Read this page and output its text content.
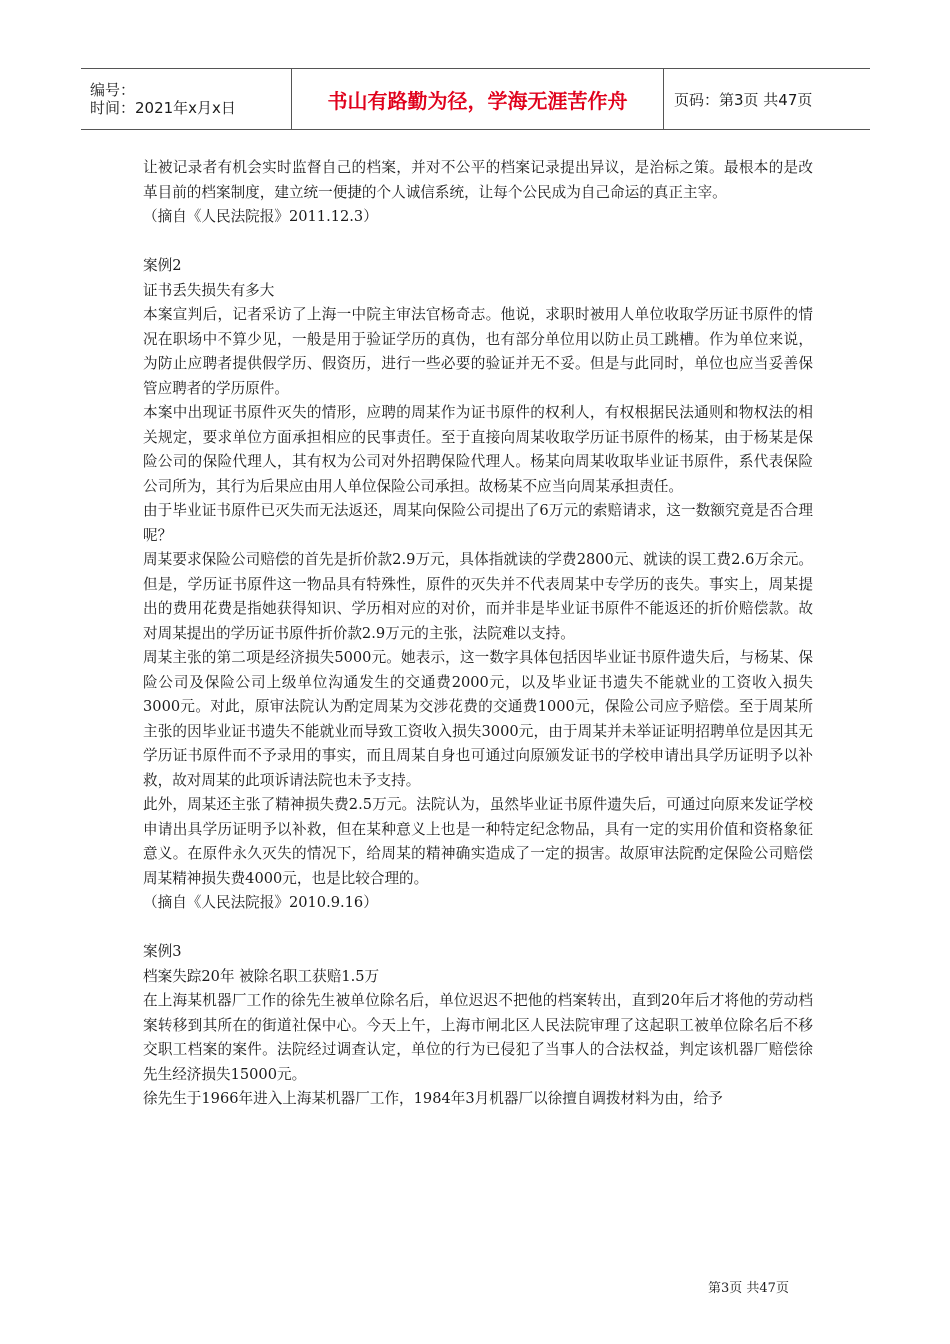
编号：
时间：2021年x月x日	书山有路勤为径，学海无涯苦作舟	页码：第3页 共47页

让被记录者有机会实时监督自己的档案，并对不公平的档案记录提出异议，是治标之策。最根本的是改革目前的档案制度，建立统一便捷的个人诚信系统，让每个公民成为自己命运的真正主宰。

（摘自《人民法院报》2011.12.3）

案例2

证书丢失损失有多大

本案宣判后，记者采访了上海一中院主审法官杨奇志。他说，求职时被用人单位收取学历证书原件的情况在职场中不算少见，一般是用于验证学历的真伪，也有部分单位用以防止员工跳槽。作为单位来说，为防止应聘者提供假学历、假资历，进行一些必要的验证并无不妥。但是与此同时，单位也应当妥善保管应聘者的学历原件。

本案中出现证书原件灭失的情形，应聘的周某作为证书原件的权利人，有权根据民法通则和物权法的相关规定，要求单位方面承担相应的民事责任。至于直接向周某收取学历证书原件的杨某，由于杨某是保险公司的保险代理人，其有权为公司对外招聘保险代理人。杨某向周某收取毕业证书原件，系代表保险公司所为，其行为后果应由用人单位保险公司承担。故杨某不应当向周某承担责任。

由于毕业证书原件已灭失而无法返还，周某向保险公司提出了6万元的索赔请求，这一数额究竟是否合理呢？

周某要求保险公司赔偿的首先是折价款2.9万元，具体指就读的学费2800元、就读的误工费2.6万余元。但是，学历证书原件这一物品具有特殊性，原件的灭失并不代表周某中专学历的丧失。事实上，周某提出的费用花费是指她获得知识、学历相对应的对价，而并非是毕业证书原件不能返还的折价赔偿款。故对周某提出的学历证书原件折价款2.9万元的主张，法院难以支持。

周某主张的第二项是经济损失5000元。她表示，这一数字具体包括因毕业证书原件遗失后，与杨某、保险公司及保险公司上级单位沟通发生的交通费2000元，以及毕业证书遗失不能就业的工资收入损失3000元。对此，原审法院认为酌定周某为交涉花费的交通费1000元，保险公司应予赔偿。至于周某所主张的因毕业证书遗失不能就业而导致工资收入损失3000元，由于周某并未举证证明招聘单位是因其无学历证书原件而不予录用的事实，而且周某自身也可通过向原颁发证书的学校申请出具学历证明予以补救，故对周某的此项诉请法院也未予支持。

此外，周某还主张了精神损失费2.5万元。法院认为，虽然毕业证书原件遗失后，可通过向原来发证学校申请出具学历证明予以补救，但在某种意义上也是一种特定纪念物品，具有一定的实用价值和资格象征意义。在原件永久灭失的情况下，给周某的精神确实造成了一定的损害。故原审法院酌定保险公司赔偿周某精神损失费4000元，也是比较合理的。

（摘自《人民法院报》2010.9.16）

案例3

档案失踪20年 被除名职工获赔1.5万

在上海某机器厂工作的徐先生被单位除名后，单位迟迟不把他的档案转出，直到20年后才将他的劳动档案转移到其所在的街道社保中心。今天上午，上海市闸北区人民法院审理了这起职工被单位除名后不移交职工档案的案件。法院经过调查认定，单位的行为已侵犯了当事人的合法权益，判定该机器厂赔偿徐先生经济损失15000元。

徐先生于1966年进入上海某机器厂工作，1984年3月机器厂以徐擅自调拨材料为由，给予

第3页 共47页
